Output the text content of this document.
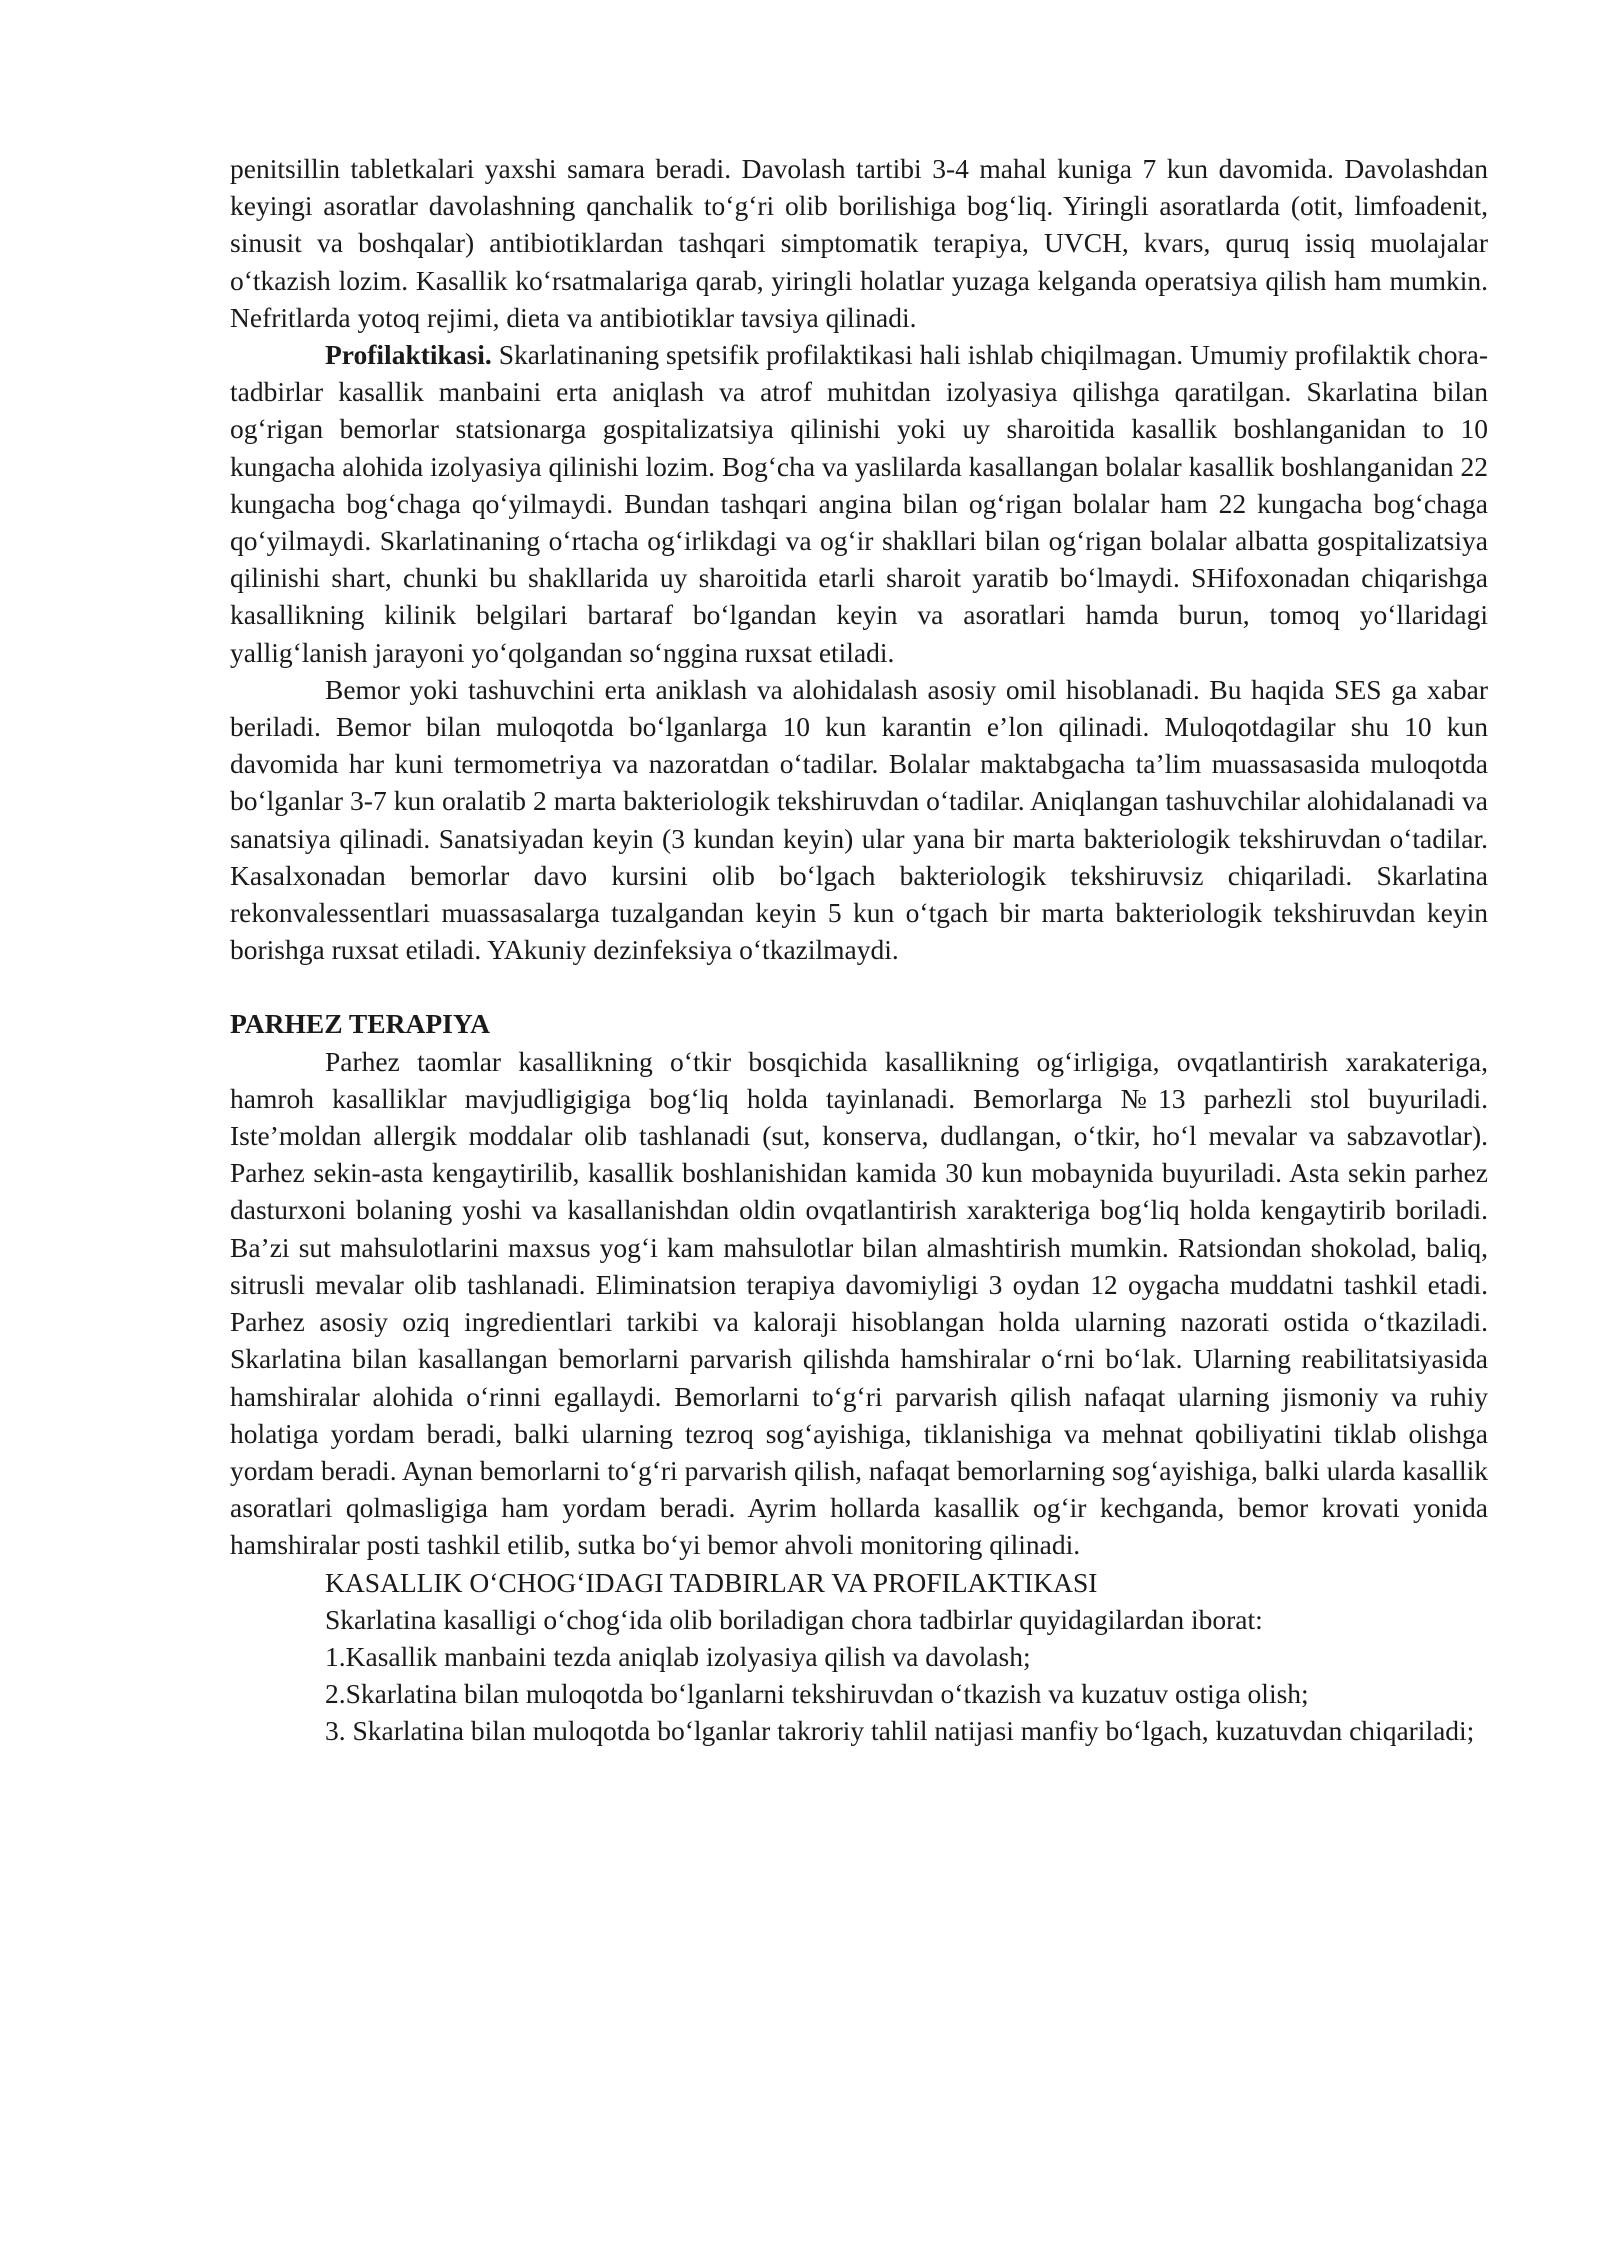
penitsillin tabletkalari yaxshi samara beradi. Davolash tartibi 3-4 mahal kuniga 7 kun davomida. Davolashdan keyingi asoratlar davolashning qanchalik to‘g‘ri olib borilishiga bog‘liq. Yiringli asoratlarda (otit, limfoadenit, sinusit va boshqalar) antibiotiklardan tashqari simptomatik terapiya, UVCH, kvars, quruq issiq muolajalar o‘tkazish lozim. Kasallik ko‘rsatmalariga qarab, yiringli holatlar yuzaga kelganda operatsiya qilish ham mumkin. Nefritlarda yotoq rejimi, dieta va antibiotiklar tavsiya qilinadi.

Profilaktikasi. Skarlatinaning spetsifik profilaktikasi hali ishlab chiqilmagan. Umumiy profilaktik chora-tadbirlar kasallik manbaini erta aniqlash va atrof muhitdan izolyasiya qilishga qaratilgan. Skarlatina bilan og‘rigan bemorlar statsionarga gospitalizatsiya qilinishi yoki uy sharoitida kasallik boshlanganidan to 10 kungacha alohida izolyasiya qilinishi lozim. Bog‘cha va yaslilarda kasallangan bolalar kasallik boshlanganidan 22 kungacha bog‘chaga qo‘yilmaydi. Bundan tashqari angina bilan og‘rigan bolalar ham 22 kungacha bog‘chaga qo‘yilmaydi. Skarlatinaning o‘rtacha og‘irlikdagi va og‘ir shakllari bilan og‘rigan bolalar albatta gospitalizatsiya qilinishi shart, chunki bu shakllarida uy sharoitida etarli sharoit yaratib bo‘lmaydi. SHifoxonadan chiqarishga kasallikning kilinik belgilari bartaraf bo‘lgandan keyin va asoratlari hamda burun, tomoq yo‘llaridagi yallig‘lanish jarayoni yo‘qolgandan so‘nggina ruxsat etiladi.

Bemor yoki tashuvchini erta aniklash va alohidalash asosiy omil hisoblanadi. Bu haqida SES ga xabar beriladi. Bemor bilan muloqotda bo‘lganlarga 10 kun karantin e’lon qilinadi. Muloqotdagilar shu 10 kun davomida har kuni termometriya va nazoratdan o‘tadilar. Bolalar maktabgacha ta’lim muassasasida muloqotda bo‘lganlar 3-7 kun oralatib 2 marta bakteriologik tekshiruvdan o‘tadilar. Aniqlangan tashuvchilar alohidalanadi va sanatsiya qilinadi. Sanatsiyadan keyin (3 kundan keyin) ular yana bir marta bakteriologik tekshiruvdan o‘tadilar. Kasalxonadan bemorlar davo kursini olib bo‘lgach bakteriologik tekshiruvsiz chiqariladi. Skarlatina rekonvalessentlari muassasalarga tuzalgandan keyin 5 kun o‘tgach bir marta bakteriologik tekshiruvdan keyin borishga ruxsat etiladi. YAkuniy dezinfeksiya o‘tkazilmaydi.

PARHEZ TERAPIYA

Parhez taomlar kasallikning o‘tkir bosqichida kasallikning og‘irligiga, ovqatlantirish xarakateriga, hamroh kasalliklar mavjudligigiga bog‘liq holda tayinlanadi. Bemorlarga №13 parhezli stol buyuriladi. Iste’moldan allergik moddalar olib tashlanadi (sut, konserva, dudlangan, o‘tkir, ho‘l mevalar va sabzavotlar). Parhez sekin-asta kengaytirilib, kasallik boshlanishidan kamida 30 kun mobaynida buyuriladi. Asta sekin parhez dasturxoni bolaning yoshi va kasallanishdan oldin ovqatlantirish xarakteriga bog‘liq holda kengaytirib boriladi. Ba’zi sut mahsulotlarini maxsus yog‘i kam mahsulotlar bilan almashtirish mumkin. Ratsiondan shokolad, baliq, sitrusli mevalar olib tashlanadi. Eliminatsion terapiya davomiyligi 3 oydan 12 oygacha muddatni tashkil etadi. Parhez asosiy oziq ingredientlari tarkibi va kaloraji hisoblangan holda ularning nazorati ostida o‘tkaziladi. Skarlatina bilan kasallangan bemorlarni parvarish qilishda hamshiralar o‘rni bo‘lak. Ularning reabilitatsiyasida hamshiralar alohida o‘rinni egallaydi. Bemorlarni to‘g‘ri parvarish qilish nafaqat ularning jismoniy va ruhiy holatiga yordam beradi, balki ularning tezroq sog‘ayishiga, tiklanishiga va mehnat qobiliyatini tiklab olishga yordam beradi. Aynan bemorlarni to‘g‘ri parvarish qilish, nafaqat bemorlarning sog‘ayishiga, balki ularda kasallik asoratlari qolmasligiga ham yordam beradi. Ayrim hollarda kasallik og‘ir kechganda, bemor krovati yonida hamshiralar posti tashkil etilib, sutka bo‘yi bemor ahvoli monitoring qilinadi.

KASALLIK O‘CHOG‘IDAGI TADBIRLAR VA PROFILAKTIKASI

Skarlatina kasalligi o‘chog‘ida olib boriladigan chora tadbirlar quyidagilardan iborat:

1.Kasallik manbaini tezda aniqlab izolyasiya qilish va davolash;

2.Skarlatina bilan muloqotda bo‘lganlarni tekshiruvdan o‘tkazish va kuzatuv ostiga olish;

3. Skarlatina bilan muloqotda bo‘lganlar takroriy tahlil natijasi manfiy bo‘lgach, kuzatuvdan chiqariladi;
